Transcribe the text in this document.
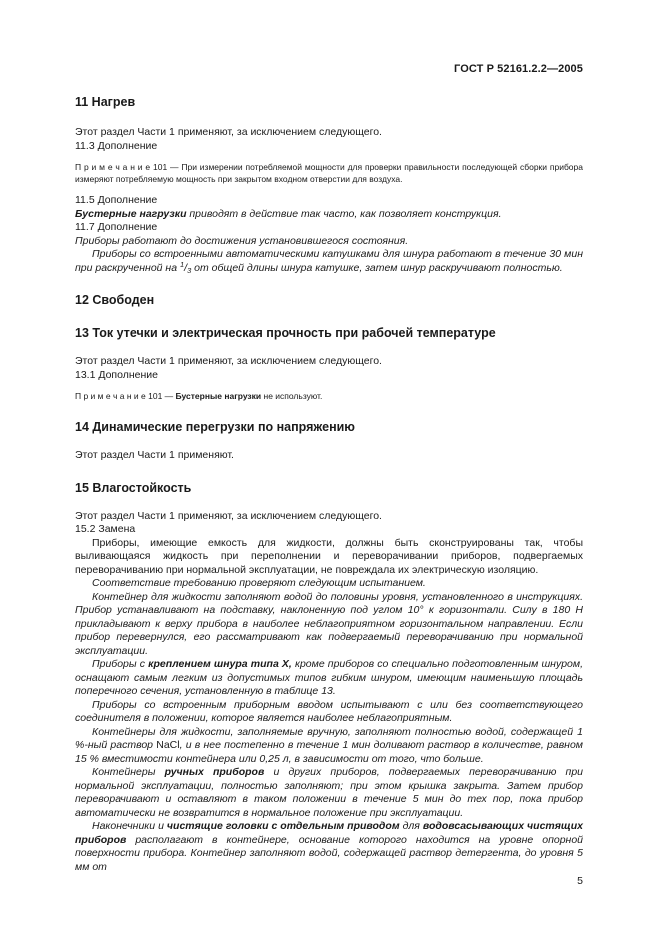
ГОСТ Р 52161.2.2—2005
11 Нагрев

Этот раздел Части 1 применяют, за исключением следующего.

11.3 Дополнение

П р и м е ч а н и е 101 — При измерении потребляемой мощности для проверки правильности последующей сборки прибора измеряют потребляемую мощность при закрытом входном отверстии для воздуха.

11.5 Дополнение

Бустерные нагрузки приводят в действие так часто, как позволяет конструкция.

11.7 Дополнение

Приборы работают до достижения установившегося состояния.

Приборы со встроенными автоматическими катушками для шнура работают в течение 30 мин при раскрученной на $^1$/3 от общей длины шнура катушке, затем шнур раскручивают полностью.

12 Свободен
13 Ток утечки и электрическая прочность при рабочей температуре

Этот раздел Части 1 применяют, за исключением следующего.

13.1 Дополнение

П р и м е ч а н и е 101 — Бустерные нагрузки не используют.

14 Динамические перегрузки по напряжению

Этот раздел Части 1 применяют.

15 Влагостойкость

Этот раздел Части 1 применяют, за исключением следующего.

15.2 Замена

Приборы, имеющие емкость для жидкости, должны быть сконструированы так, чтобы выливающаяся жидкость при переполнении и переворачивании приборов, подвергаемых переворачиванию при нормальной эксплуатации, не повреждала их электрическую изоляцию.

Соответствие требованию проверяют следующим испытанием.

Контейнер для жидкости заполняют водой до половины уровня, установленного в инструкциях. Прибор устанавливают на подставку, наклоненную под углом 10° к горизонтали. Силу в 180 Н прикладывают к верху прибора в наиболее неблагоприятном горизонтальном направлении. Если прибор перевернулся, его рассматривают как подвергаемый переворачиванию при нормальной эксплуатации.

Приборы с креплением шнура типа X, кроме приборов со специально подготовленным шнуром, оснащают самым легким из допустимых типов гибким шнуром, имеющим наименьшую площадь поперечного сечения, установленную в таблице 13.

Приборы со встроенным приборным вводом испытывают с или без соответствующего соединителя в положении, которое является наиболее неблагоприятным.

Контейнеры для жидкости, заполняемые вручную, заполняют полностью водой, содержащей 1 %-ный раствор NaCl, и в нее постепенно в течение 1 мин доливают раствор в количестве, равном 15 % вместимости контейнера или 0,25 л, в зависимости от того, что больше.

Контейнеры ручных приборов и других приборов, подвергаемых переворачиванию при нормальной эксплуатации, полностью заполняют; при этом крышка закрыта. Затем прибор переворачивают и оставляют в таком положении в течение 5 мин до тех пор, пока прибор автоматически не возвратится в нормальное положение при эксплуатации.

Наконечники и чистящие головки с отдельным приводом для водовсасывающих чистящих приборов располагают в контейнере, основание которого находится на уровне опорной поверхности прибора. Контейнер заполняют водой, содержащей раствор детергента, до уровня 5 мм от

5
